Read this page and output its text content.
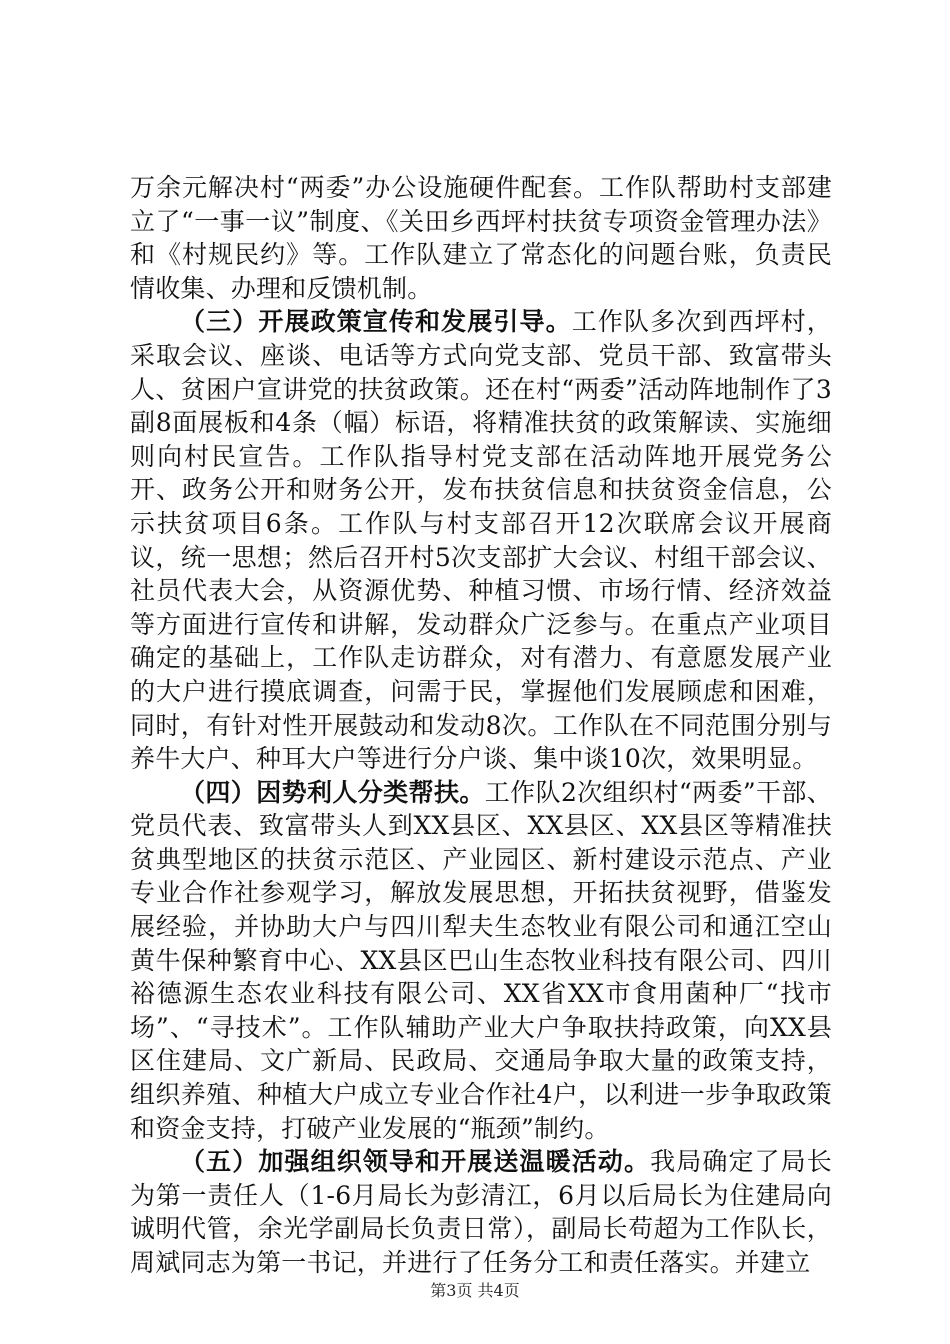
万余元解决村“两委”办公设施硬件配套。工作队帮助村支部建立了“一事一议”制度、《关田乡西坪村扶贫专项资金管理办法》和《村规民约》等。工作队建立了常态化的问题台账，负责民情收集、办理和反馈机制。

（三）开展政策宣传和发展引导。工作队多次到西坪村，采取会议、座谈、电话等方式向党支部、党员干部、致富带头人、贫困户宣讲党的扶贫政策。还在村“两委”活动阵地制作了3副8面展板和4条（幅）标语，将精准扶贫的政策解读、实施细则向村民宣告。工作队指导村党支部在活动阵地开展党务公开、政务公开和财务公开，发布扶贫信息和扶贫资金信息，公示扶贫项目6条。工作队与村支部召开12次联席会议开展商议，统一思想；然后召开村5次支部扩大会议、村组干部会议、社员代表大会，从资源优势、种植习惯、市场行情、经济效益等方面进行宣传和讲解，发动群众广泛参与。在重点产业项目确定的基础上，工作队走访群众，对有潜力、有意愿发展产业的大户进行摸底调查，问需于民，掌握他们发展顾虑和困难，同时，有针对性开展鼓动和发动8次。工作队在不同范围分别与养牛大户、种耳大户等进行分户谈、集中谈10次，效果明显。

（四）因势利人分类帮扶。工作队2次组织村“两委”干部、党员代表、致富带头人到XX县区、XX县区、XX县区等精准扶贫典型地区的扶贫示范区、产业园区、新村建设示范点、产业专业合作社参观学习，解放发展思想，开拓扶贫视野，借鉴发展经验，并协助大户与四川犁夫生态牧业有限公司和通江空山黄牛保种繁育中心、XX县区巴山生态牧业科技有限公司、四川裕德源生态农业科技有限公司、XX省XX市食用菌种厂“找市场”、“寻技术”。工作队辅助产业大户争取扶持政策，向XX县区住建局、文广新局、民政局、交通局争取大量的政策支持，组织养殖、种植大户成立专业合作社4户，以利进一步争取政策和资金支持，打破产业发展的“瓶颈”制约。

（五）加强组织领导和开展送温暖活动。我局确定了局长为第一责任人（1-6月局长为彭清江，6月以后局长为住建局向诚明代管，余光学副局长负责日常），副局长苟超为工作队长，周斌同志为第一书记，并进行了任务分工和责任落实。并建立

第3页 共4页
